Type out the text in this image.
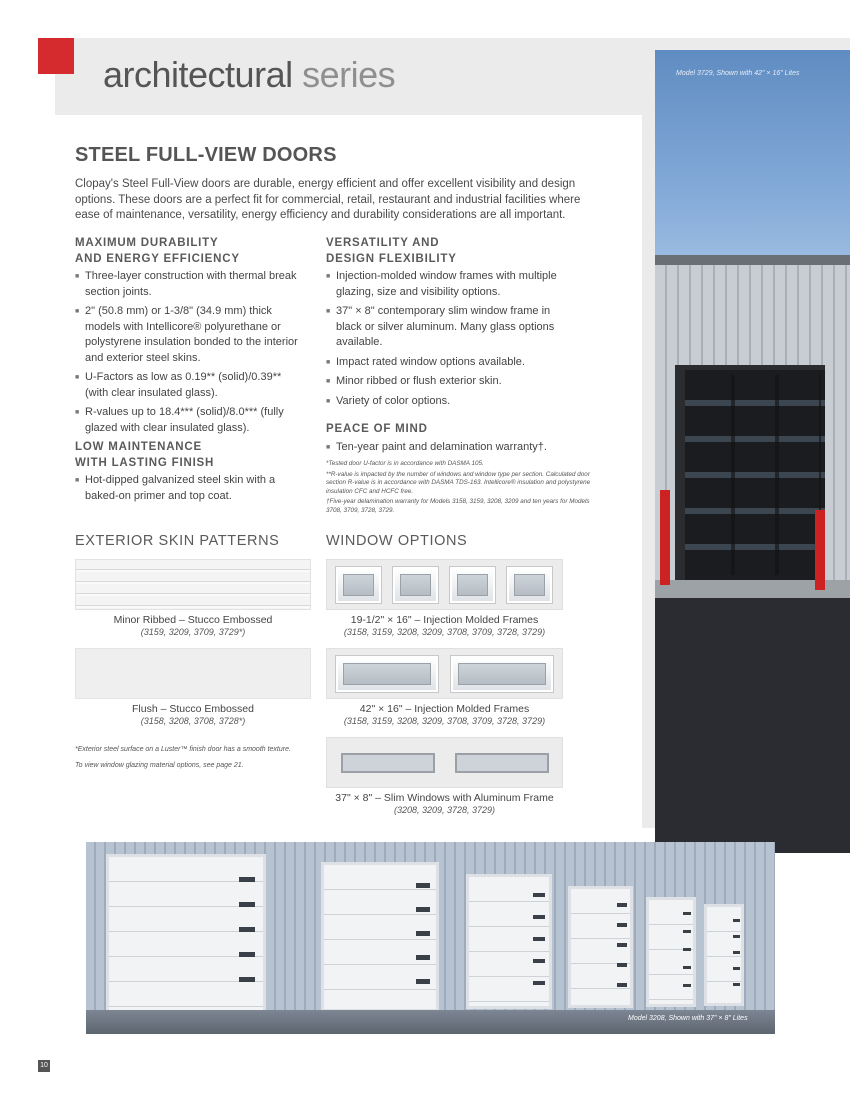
architectural series	Model 3729, Shown with 42" × 16" Lites
STEEL FULL-VIEW DOORS

Clopay's Steel Full-View doors are durable, energy efficient and offer excellent visibility and design options. These doors are a perfect fit for commercial, retail, restaurant and industrial facilities where ease of maintenance, versatility, energy efficiency and durability considerations are all important.

MAXIMUM DURABILITY
AND ENERGY EFFICIENCY
■ Three-layer construction with thermal break section joints.
■ 2" (50.8 mm) or 1-3/8" (34.9 mm) thick models with Intellicore® polyurethane or polystyrene insulation bonded to the interior and exterior steel skins.
■ U-Factors as low as 0.19** (solid)/0.39** (with clear insulated glass).
■ R-values up to 18.4*** (solid)/8.0*** (fully glazed with clear insulated glass).
LOW MAINTENANCE
WITH LASTING FINISH
■ Hot-dipped galvanized steel skin with a baked-on primer and top coat.
VERSATILITY AND
DESIGN FLEXIBILITY
■ Injection-molded window frames with multiple glazing, size and visibility options.
■ 37" × 8" contemporary slim window frame in black or silver aluminum. Many glass options available.
■ Impact rated window options available.
■ Minor ribbed or flush exterior skin.
■ Variety of color options.
PEACE OF MIND
■ Ten-year paint and delamination warranty†.

*Tested door U-factor is in accordance with DASMA 105.

**R-value is impacted by the number of windows and window type per section. Calculated door section R-value is in accordance with DASMA TDS-163. Intellicore® insulation and polystyrene insulation CFC and HCFC free.

†Five-year delamination warranty for Models 3158, 3159, 3208, 3209 and ten years for Models 3708, 3709, 3728, 3729.

EXTERIOR SKIN PATTERNS
Minor Ribbed – Stucco Embossed
(3159, 3209, 3709, 3729*)
Flush – Stucco Embossed
(3158, 3208, 3708, 3728*)

*Exterior steel surface on a Luster™ finish door has a smooth texture.

To view window glazing material options, see page 21.

WINDOW OPTIONS
19-1/2" × 16" – Injection Molded Frames
(3158, 3159, 3208, 3209, 3708, 3709, 3728, 3729)
42" × 16" – Injection Molded Frames
(3158, 3159, 3208, 3209, 3708, 3709, 3728, 3729)
37" × 8" – Slim Windows with Aluminum Frame
(3208, 3209, 3728, 3729)
Model 3208, Shown with 37" × 8" Lites
10
